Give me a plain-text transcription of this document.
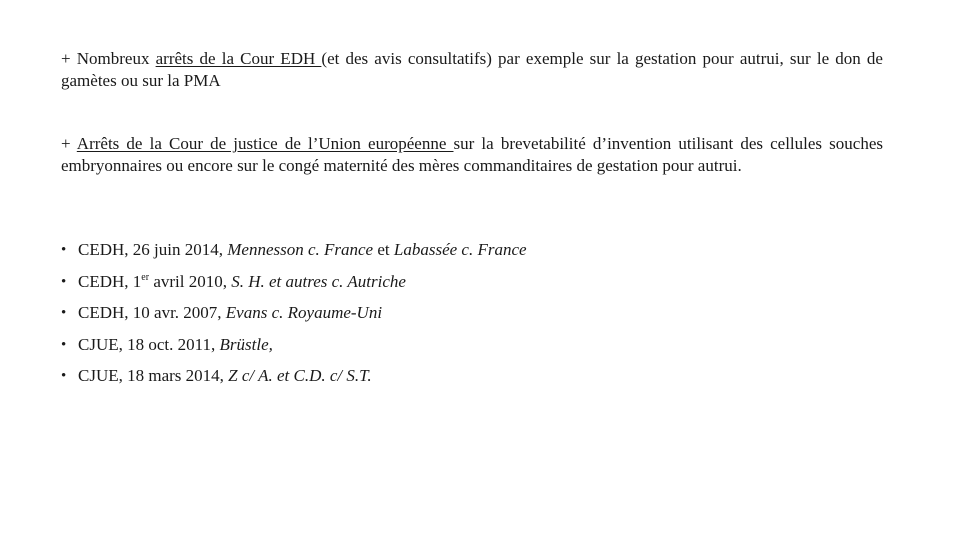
+ Nombreux arrêts de la Cour EDH (et des avis consultatifs) par exemple sur la gestation pour autrui, sur le don de gamètes ou sur la PMA

+ Arrêts de la Cour de justice de l’Union européenne sur la brevetabilité d’invention utilisant des cellules souches embryonnaires ou encore sur le congé maternité des mères commanditaires de gestation pour autrui.

• CEDH, 26 juin 2014, Mennesson c. France et Labassée c. France
• CEDH, 1er avril 2010, S. H. et autres c. Autriche
• CEDH, 10 avr. 2007, Evans c. Royaume-Uni
• CJUE, 18 oct. 2011, Brüstle,
• CJUE, 18 mars 2014, Z c/ A. et C.D. c/ S.T.
